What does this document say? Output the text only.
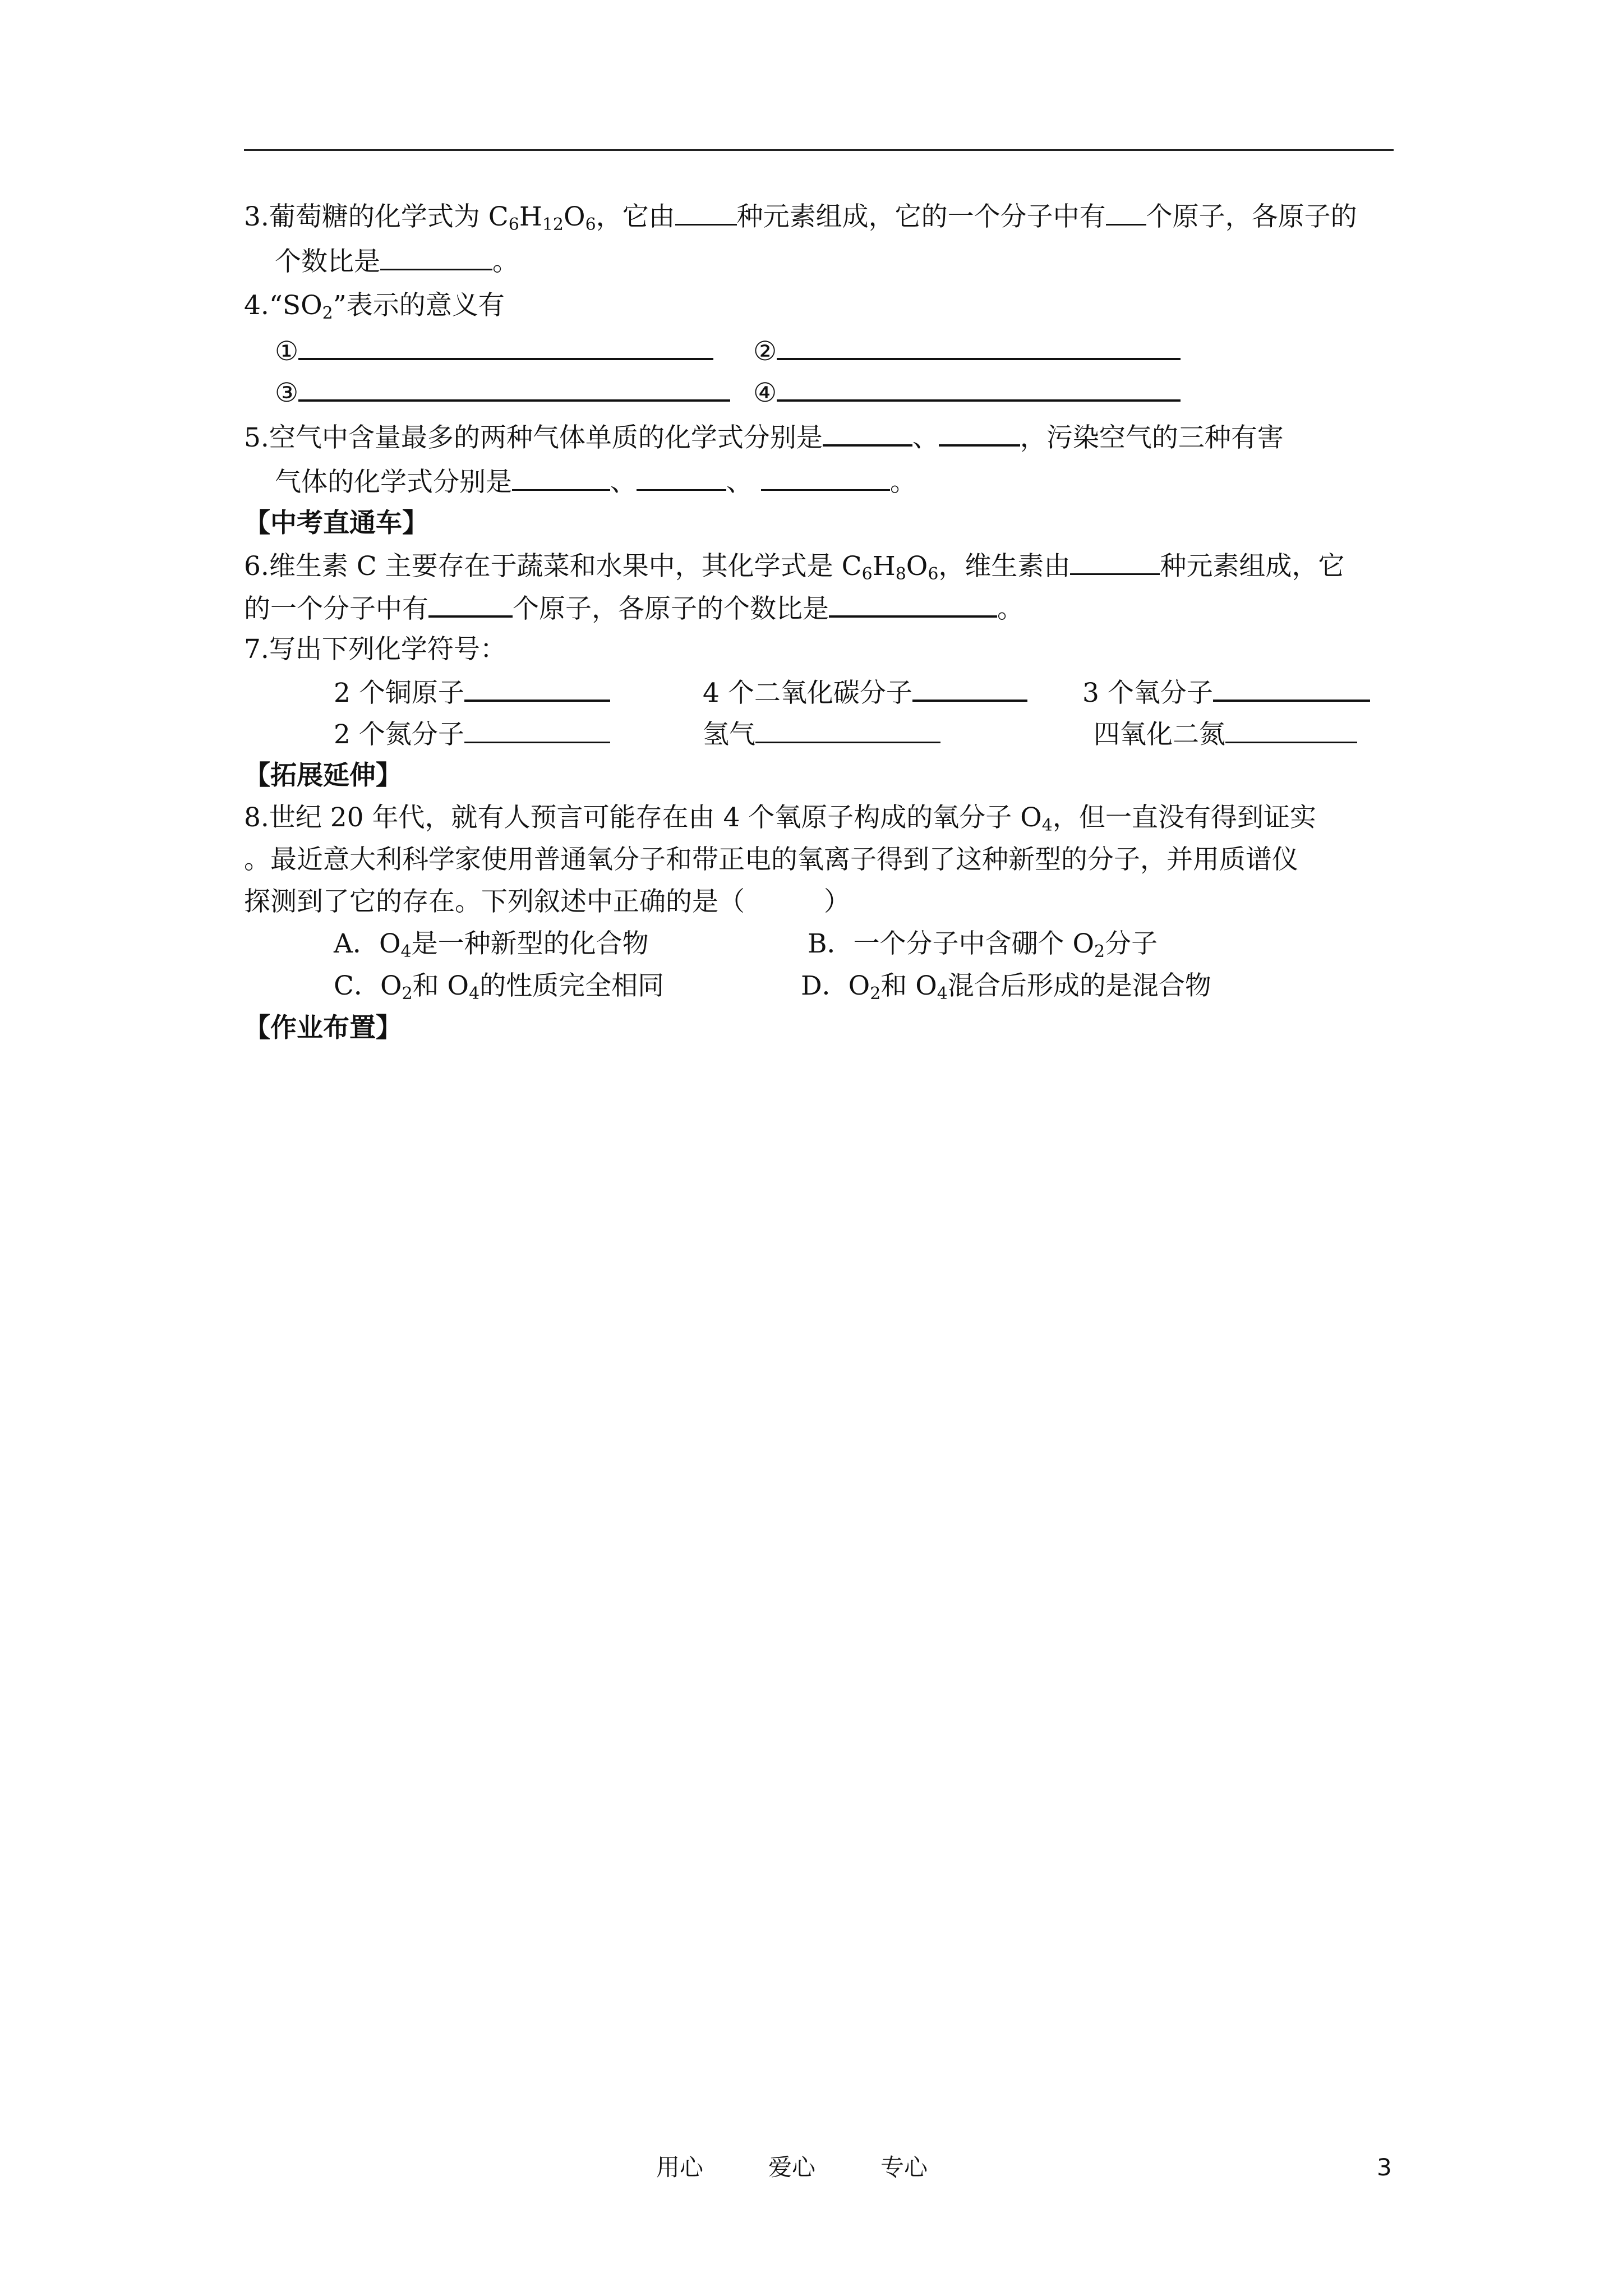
3.葡萄糖的化学式为 $C_6H_{12}O_6$，它由 种元素组成，它的一个分子中有 个原子，各原子的
个数比是	。
$4.“SO_2$”表示的意义有
①	②
③	④
5.空气中含量最多的两种气体单质的化学式分别是	、	，污染空气的三种有害
气体的化学式分别是	、	、	。
【中考直通车】
6.维生素 C 主要存在于蔬菜和水果中，其化学式是 $C_6H_8O_6$，维生素由	种元素组成，它
的一个分子中有	个原子，各原子的个数比是	。
7.写出下列化学符号：
2 个铜原子	4 个二氧化碳分子	3 个氧分子
2 个氮分子	氢气	四氧化二氮
【拓展延伸】
8.世纪 20 年代，就有人预言可能存在由 4 个氧原子构成的氧分子 $O_4$，但一直没有得到证实
。最近意大利科学家使用普通氧分子和带正电的氧离子得到了这种新型的分子，并用质谱仪
探测到了它的存在。下列叙述中正确的是（　　　）
A．$O_4$是一种新型的化合物	B．一个分子中含硼个 $O_2$分子
C．$O_2$和 $O_4$的性质完全相同	D．$O_2$和 $O_4$混合后形成的是混合物
【作业布置】
用心	爱心	专心	3
